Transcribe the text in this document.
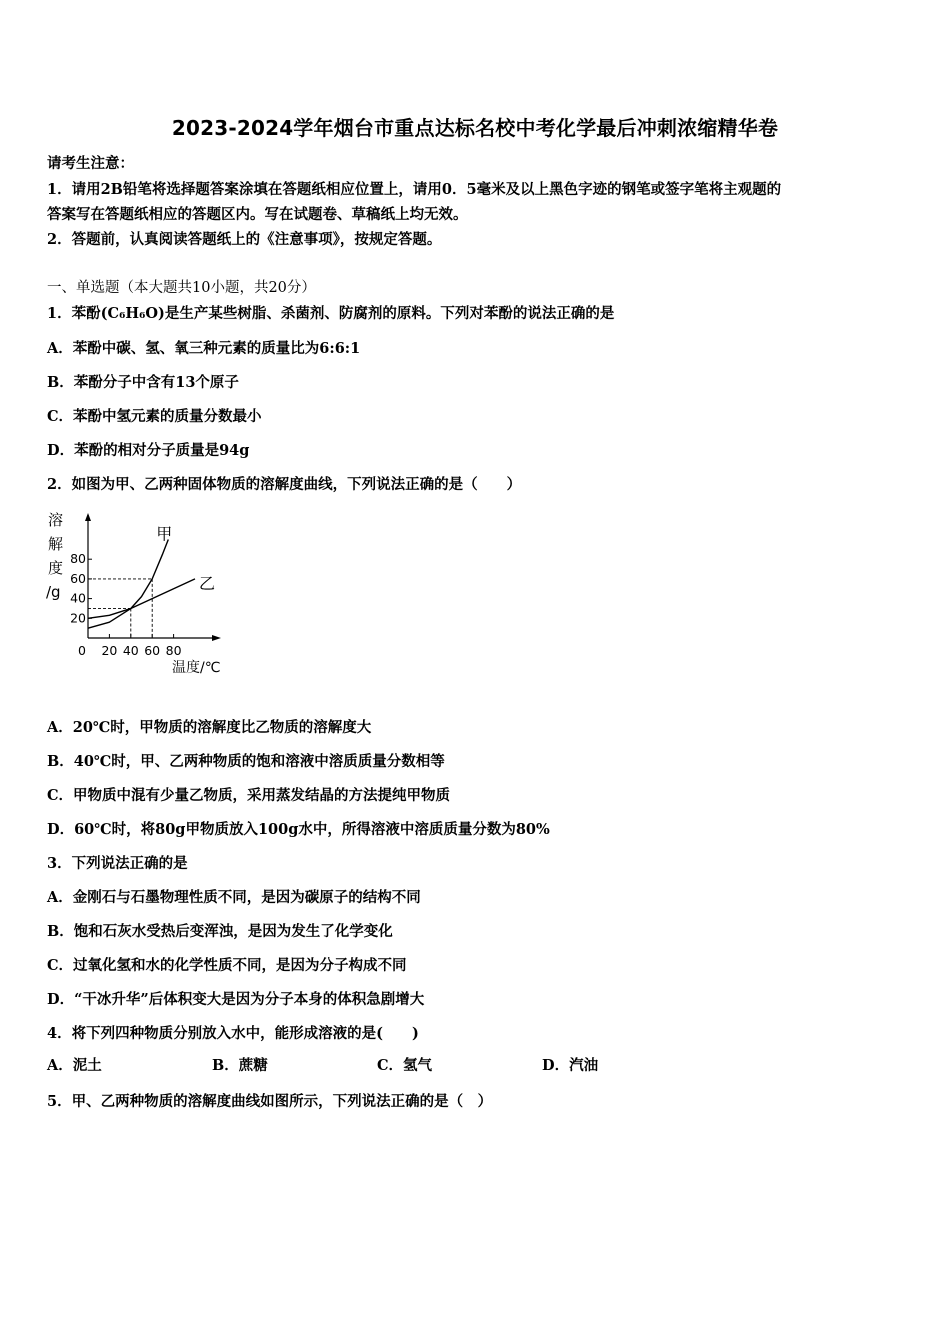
2023-2024学年烟台市重点达标名校中考化学最后冲刺浓缩精华卷
请考生注意：
1．请用2B铅笔将选择题答案涂填在答题纸相应位置上，请用0．5毫米及以上黑色字迹的钢笔或签字笔将主观题的
答案写在答题纸相应的答题区内。写在试题卷、草稿纸上均无效。
2．答题前，认真阅读答题纸上的《注意事项》，按规定答题。
一、单选题（本大题共10小题，共20分）
1．苯酚(C₆H₆O)是生产某些树脂、杀菌剂、防腐剂的原料。下列对苯酚的说法正确的是
A．苯酚中碳、氢、氧三种元素的质量比为6:6:1
B．苯酚分子中含有13个原子
C．苯酚中氢元素的质量分数最小
D．苯酚的相对分子质量是94g
2．如图为甲、乙两种固体物质的溶解度曲线，下列说法正确的是（　　）
20
40
60
80
0 20 40 60 80
溶
解
度
/g
温度/℃
甲
乙
A．20℃时，甲物质的溶解度比乙物质的溶解度大
B．40℃时，甲、乙两种物质的饱和溶液中溶质质量分数相等
C．甲物质中混有少量乙物质，采用蒸发结晶的方法提纯甲物质
D．60℃时，将80g甲物质放入100g水中，所得溶液中溶质质量分数为80%
3．下列说法正确的是
A．金刚石与石墨物理性质不同，是因为碳原子的结构不同
B．饱和石灰水受热后变浑浊，是因为发生了化学变化
C．过氧化氢和水的化学性质不同，是因为分子构成不同
D．“干冰升华”后体积变大是因为分子本身的体积急剧增大
4．将下列四种物质分别放入水中，能形成溶液的是(　　)
A．泥土	B．蔗糖	C．氢气	D．汽油
5．甲、乙两种物质的溶解度曲线如图所示，下列说法正确的是（　）
